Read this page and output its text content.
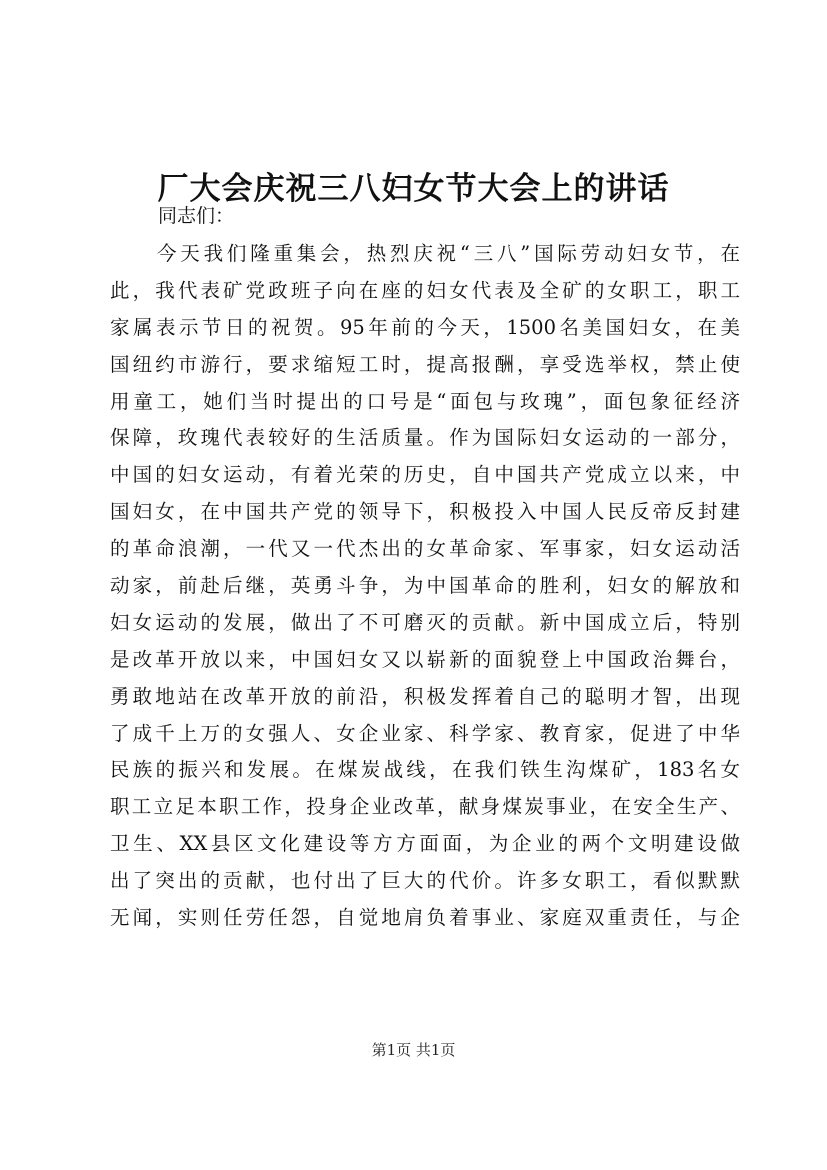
厂大会庆祝三八妇女节大会上的讲话
同志们：
今天我们隆重集会，热烈庆祝“三八”国际劳动妇女节，在
此，我代表矿党政班子向在座的妇女代表及全矿的女职工，职工
家属表示节日的祝贺。95年前的今天，1500名美国妇女，在美
国纽约市游行，要求缩短工时，提高报酬，享受选举权，禁止使
用童工，她们当时提出的口号是“面包与玫瑰”，面包象征经济
保障，玫瑰代表较好的生活质量。作为国际妇女运动的一部分，
中国的妇女运动，有着光荣的历史，自中国共产党成立以来，中
国妇女，在中国共产党的领导下，积极投入中国人民反帝反封建
的革命浪潮，一代又一代杰出的女革命家、军事家，妇女运动活
动家，前赴后继，英勇斗争，为中国革命的胜利，妇女的解放和
妇女运动的发展，做出了不可磨灭的贡献。新中国成立后，特别
是改革开放以来，中国妇女又以崭新的面貌登上中国政治舞台，
勇敢地站在改革开放的前沿，积极发挥着自己的聪明才智，出现
了成千上万的女强人、女企业家、科学家、教育家，促进了中华
民族的振兴和发展。在煤炭战线，在我们铁生沟煤矿，183名女
职工立足本职工作，投身企业改革，献身煤炭事业，在安全生产、
卫生、XX县区文化建设等方方面面，为企业的两个文明建设做
出了突出的贡献，也付出了巨大的代价。许多女职工，看似默默
无闻，实则任劳任怨，自觉地肩负着事业、家庭双重责任，与企
第1页 共1页
